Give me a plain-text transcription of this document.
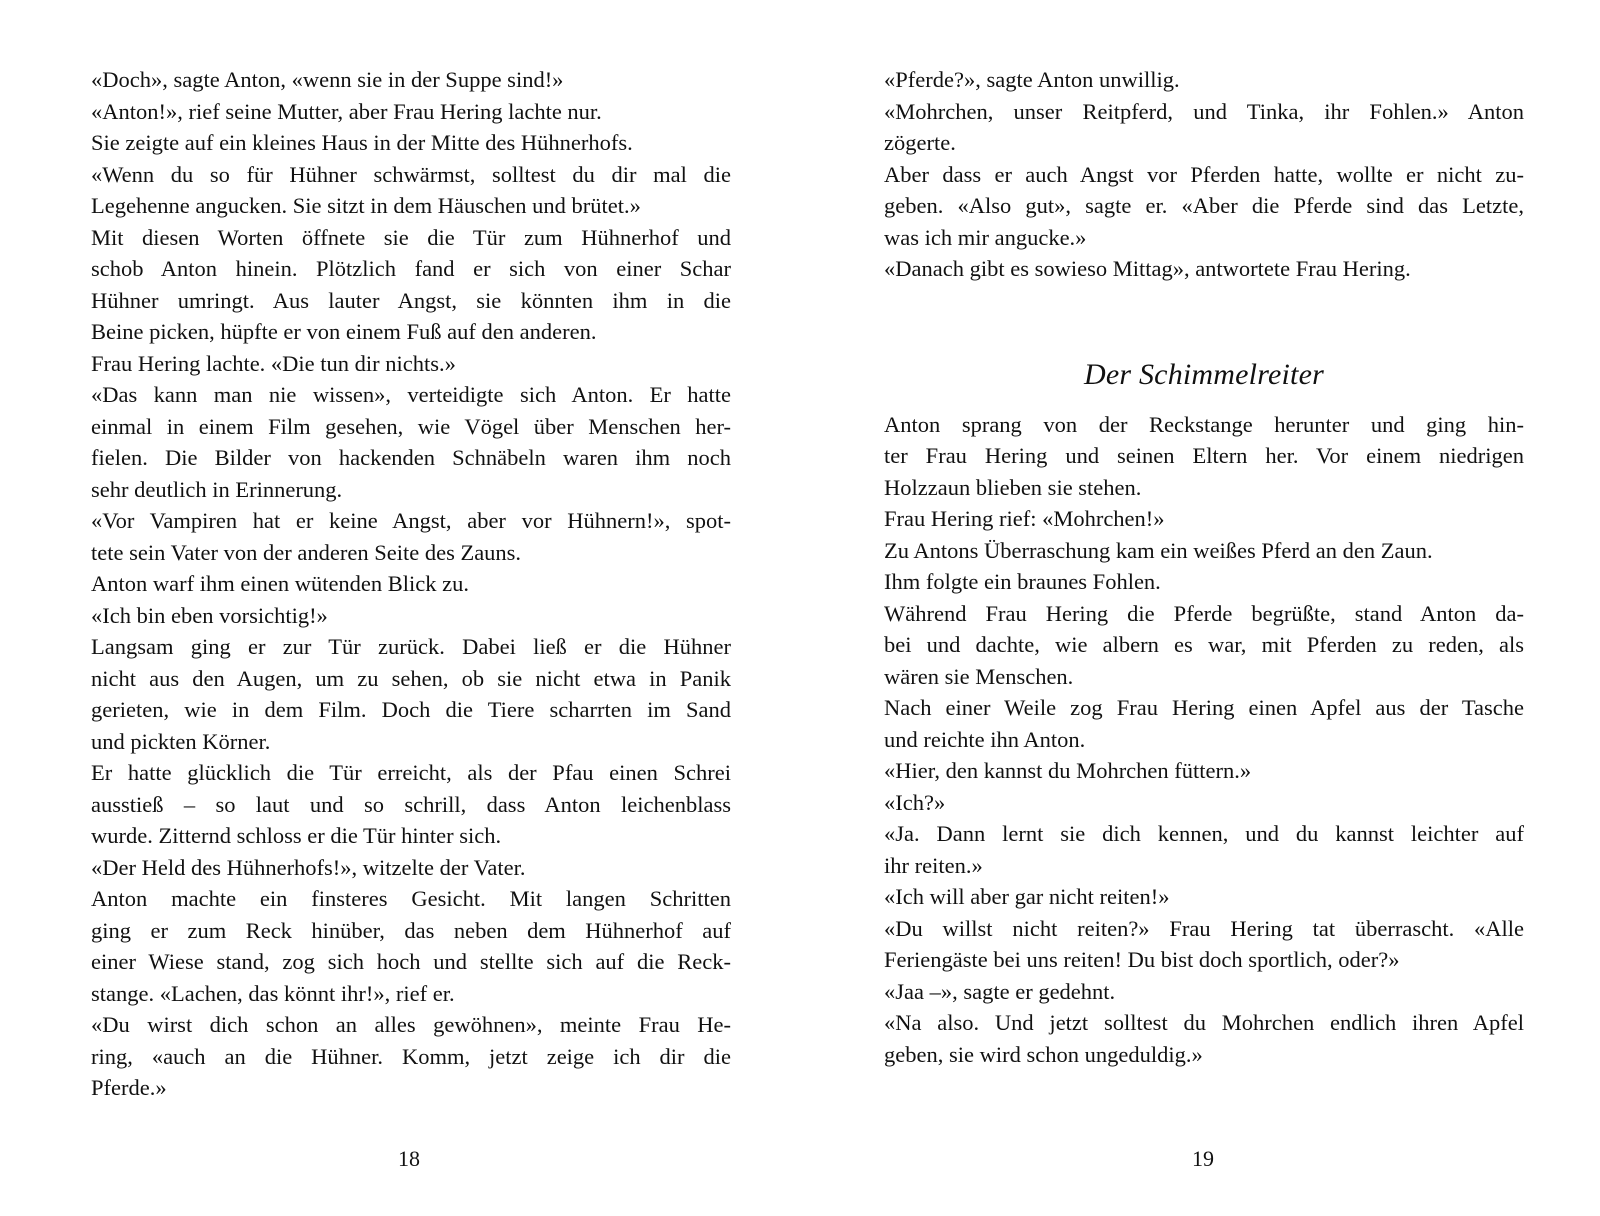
«Doch», sagte Anton, «wenn sie in der Suppe sind!»
«Anton!», rief seine Mutter, aber Frau Hering lachte nur.
Sie zeigte auf ein kleines Haus in der Mitte des Hühnerhofs.
«Wenn du so für Hühner schwärmst, solltest du dir mal die
Legehenne angucken. Sie sitzt in dem Häuschen und brütet.»
Mit diesen Worten öffnete sie die Tür zum Hühnerhof und
schob Anton hinein. Plötzlich fand er sich von einer Schar
Hühner umringt. Aus lauter Angst, sie könnten ihm in die
Beine picken, hüpfte er von einem Fuß auf den anderen.
Frau Hering lachte. «Die tun dir nichts.»
«Das kann man nie wissen», verteidigte sich Anton. Er hatte
einmal in einem Film gesehen, wie Vögel über Menschen her-
fielen. Die Bilder von hackenden Schnäbeln waren ihm noch
sehr deutlich in Erinnerung.
«Vor Vampiren hat er keine Angst, aber vor Hühnern!», spot-
tete sein Vater von der anderen Seite des Zauns.
Anton warf ihm einen wütenden Blick zu.
«Ich bin eben vorsichtig!»
Langsam ging er zur Tür zurück. Dabei ließ er die Hühner
nicht aus den Augen, um zu sehen, ob sie nicht etwa in Panik
gerieten, wie in dem Film. Doch die Tiere scharrten im Sand
und pickten Körner.
Er hatte glücklich die Tür erreicht, als der Pfau einen Schrei
ausstieß – so laut und so schrill, dass Anton leichenblass
wurde. Zitternd schloss er die Tür hinter sich.
«Der Held des Hühnerhofs!», witzelte der Vater.
Anton machte ein finsteres Gesicht. Mit langen Schritten
ging er zum Reck hinüber, das neben dem Hühnerhof auf
einer Wiese stand, zog sich hoch und stellte sich auf die Reck-
stange. «Lachen, das könnt ihr!», rief er.
«Du wirst dich schon an alles gewöhnen», meinte Frau He-
ring, «auch an die Hühner. Komm, jetzt zeige ich dir die
Pferde.»
18
«Pferde?», sagte Anton unwillig.
«Mohrchen, unser Reitpferd, und Tinka, ihr Fohlen.» Anton
zögerte.
Aber dass er auch Angst vor Pferden hatte, wollte er nicht zu-
geben. «Also gut», sagte er. «Aber die Pferde sind das Letzte,
was ich mir angucke.»
«Danach gibt es sowieso Mittag», antwortete Frau Hering.
Der Schimmelreiter
Anton sprang von der Reckstange herunter und ging hin-
ter Frau Hering und seinen Eltern her. Vor einem niedrigen
Holzzaun blieben sie stehen.
Frau Hering rief: «Mohrchen!»
Zu Antons Überraschung kam ein weißes Pferd an den Zaun.
Ihm folgte ein braunes Fohlen.
Während Frau Hering die Pferde begrüßte, stand Anton da-
bei und dachte, wie albern es war, mit Pferden zu reden, als
wären sie Menschen.
Nach einer Weile zog Frau Hering einen Apfel aus der Tasche
und reichte ihn Anton.
«Hier, den kannst du Mohrchen füttern.»
«Ich?»
«Ja. Dann lernt sie dich kennen, und du kannst leichter auf
ihr reiten.»
«Ich will aber gar nicht reiten!»
«Du willst nicht reiten?» Frau Hering tat überrascht. «Alle
Feriengäste bei uns reiten! Du bist doch sportlich, oder?»
«Jaa –», sagte er gedehnt.
«Na also. Und jetzt solltest du Mohrchen endlich ihren Apfel
geben, sie wird schon ungeduldig.»
19
